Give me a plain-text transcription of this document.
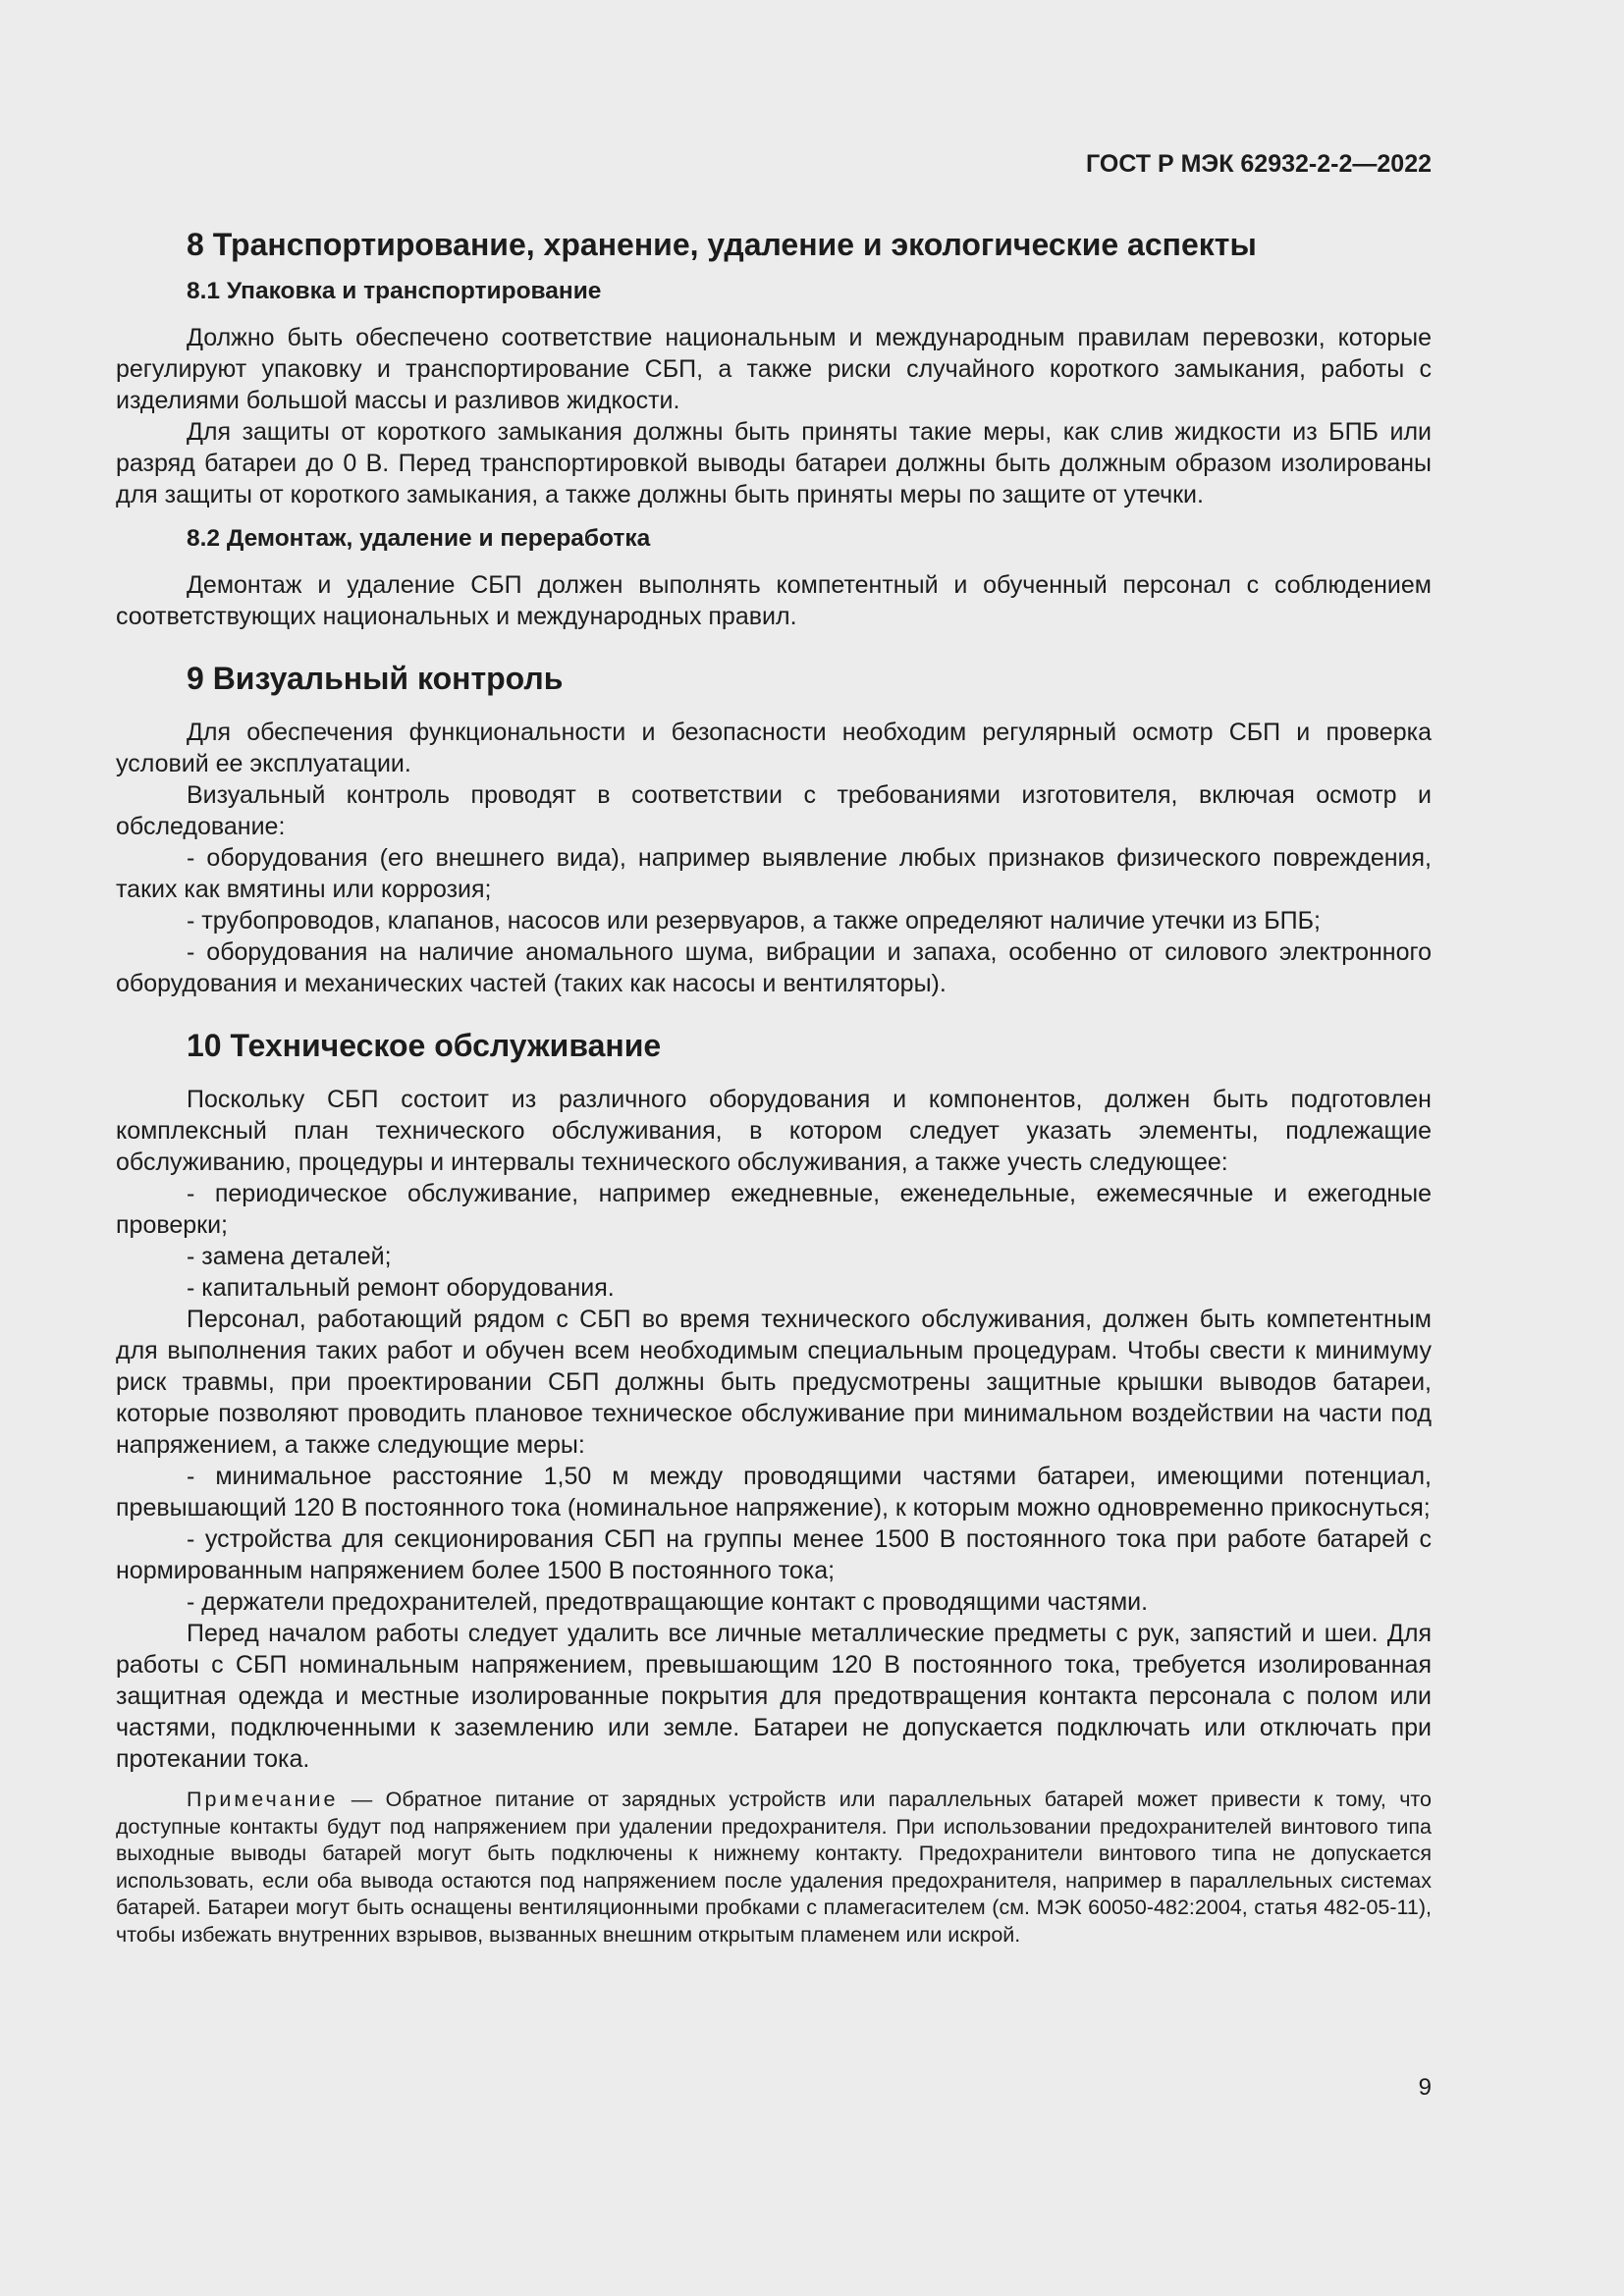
ГОСТ Р МЭК 62932-2-2—2022
8 Транспортирование, хранение, удаление и экологические аспекты
8.1 Упаковка и транспортирование

Должно быть обеспечено соответствие национальным и международным правилам перевозки, которые регулируют упаковку и транспортирование СБП, а также риски случайного короткого замыкания, работы с изделиями большой массы и разливов жидкости.

Для защиты от короткого замыкания должны быть приняты такие меры, как слив жидкости из БПБ или разряд батареи до 0 В. Перед транспортировкой выводы батареи должны быть должным образом изолированы для защиты от короткого замыкания, а также должны быть приняты меры по защите от утечки.

8.2 Демонтаж, удаление и переработка

Демонтаж и удаление СБП должен выполнять компетентный и обученный персонал с соблюдением соответствующих национальных и международных правил.

9 Визуальный контроль

Для обеспечения функциональности и безопасности необходим регулярный осмотр СБП и проверка условий ее эксплуатации.

Визуальный контроль проводят в соответствии с требованиями изготовителя, включая осмотр и обследование:

- оборудования (его внешнего вида), например выявление любых признаков физического повреждения, таких как вмятины или коррозия;

- трубопроводов, клапанов, насосов или резервуаров, а также определяют наличие утечки из БПБ;

- оборудования на наличие аномального шума, вибрации и запаха, особенно от силового электронного оборудования и механических частей (таких как насосы и вентиляторы).

10 Техническое обслуживание

Поскольку СБП состоит из различного оборудования и компонентов, должен быть подготовлен комплексный план технического обслуживания, в котором следует указать элементы, подлежащие обслуживанию, процедуры и интервалы технического обслуживания, а также учесть следующее:

- периодическое обслуживание, например ежедневные, еженедельные, ежемесячные и ежегодные проверки;

- замена деталей;

- капитальный ремонт оборудования.

Персонал, работающий рядом с СБП во время технического обслуживания, должен быть компетентным для выполнения таких работ и обучен всем необходимым специальным процедурам. Чтобы свести к минимуму риск травмы, при проектировании СБП должны быть предусмотрены защитные крышки выводов батареи, которые позволяют проводить плановое техническое обслуживание при минимальном воздействии на части под напряжением, а также следующие меры:

- минимальное расстояние 1,50 м между проводящими частями батареи, имеющими потенциал, превышающий 120 В постоянного тока (номинальное напряжение), к которым можно одновременно прикоснуться;

- устройства для секционирования СБП на группы менее 1500 В постоянного тока при работе батарей с нормированным напряжением более 1500 В постоянного тока;

- держатели предохранителей, предотвращающие контакт с проводящими частями.

Перед началом работы следует удалить все личные металлические предметы с рук, запястий и шеи. Для работы с СБП номинальным напряжением, превышающим 120 В постоянного тока, требуется изолированная защитная одежда и местные изолированные покрытия для предотвращения контакта персонала с полом или частями, подключенными к заземлению или земле. Батареи не допускается подключать или отключать при протекании тока.

Примечание — Обратное питание от зарядных устройств или параллельных батарей может привести к тому, что доступные контакты будут под напряжением при удалении предохранителя. При использовании предохранителей винтового типа выходные выводы батарей могут быть подключены к нижнему контакту. Предохранители винтового типа не допускается использовать, если оба вывода остаются под напряжением после удаления предохранителя, например в параллельных системах батарей. Батареи могут быть оснащены вентиляционными пробками с пламегасителем (см. МЭК 60050-482:2004, статья 482-05-11), чтобы избежать внутренних взрывов, вызванных внешним открытым пламенем или искрой.

9
